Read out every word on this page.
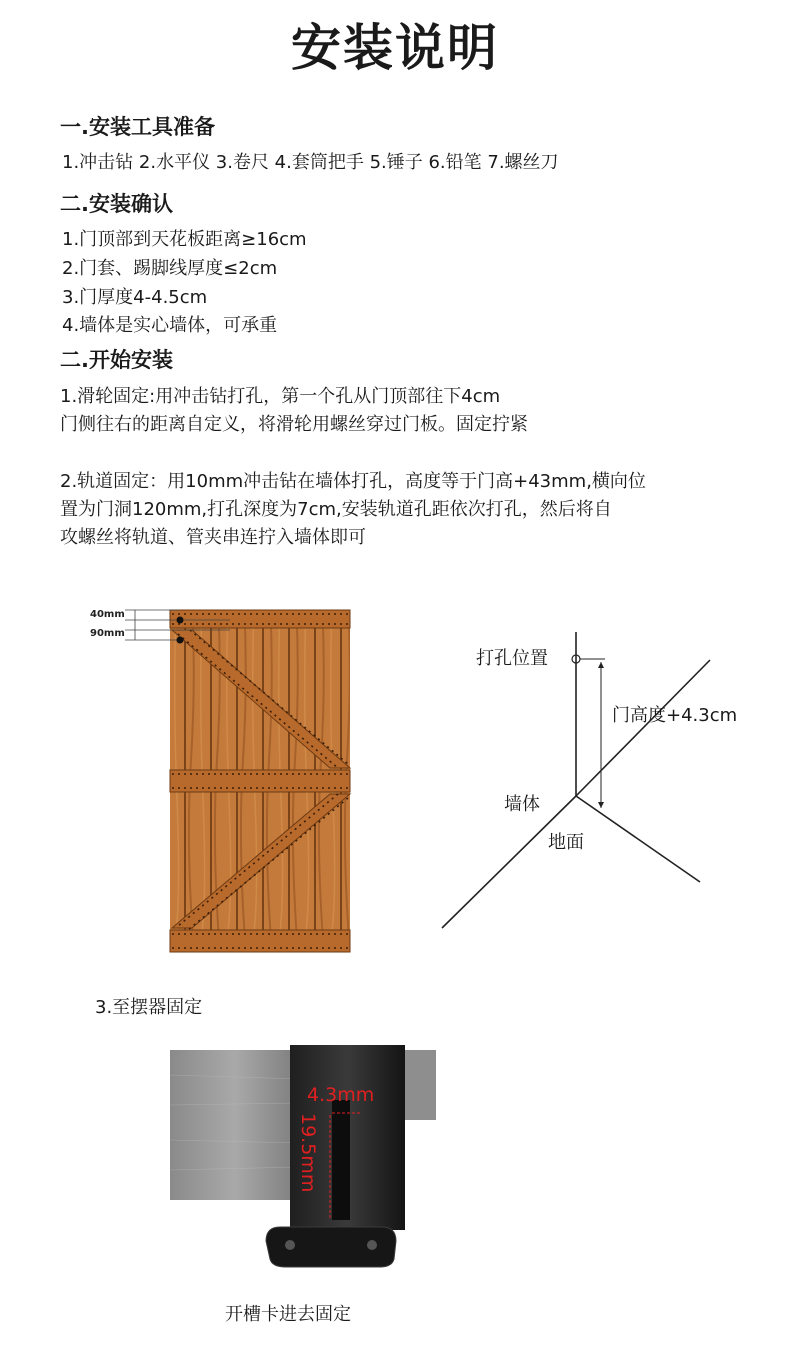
安装说明
一.安装工具准备
1.冲击钻 2.水平仪 3.卷尺 4.套筒把手 5.锤子 6.铅笔 7.螺丝刀
二.安装确认
1.门顶部到天花板距离≥16cm
2.门套、踢脚线厚度≤2cm
3.门厚度4-4.5cm
4.墙体是实心墙体，可承重
二.开始安装
1.滑轮固定:用冲击钻打孔，第一个孔从门顶部往下4cm
门侧往右的距离自定义，将滑轮用螺丝穿过门板。固定拧紧
2.轨道固定：用10mm冲击钻在墙体打孔，高度等于门高+43mm,横向位
置为门洞120mm,打孔深度为7cm,安装轨道孔距依次打孔，然后将自
攻螺丝将轨道、管夹串连拧入墙体即可
40mm
90mm
打孔位置
门高度+4.3cm
墙体
地面
3.至摆器固定
4.3mm
19.5mm
开槽卡进去固定
